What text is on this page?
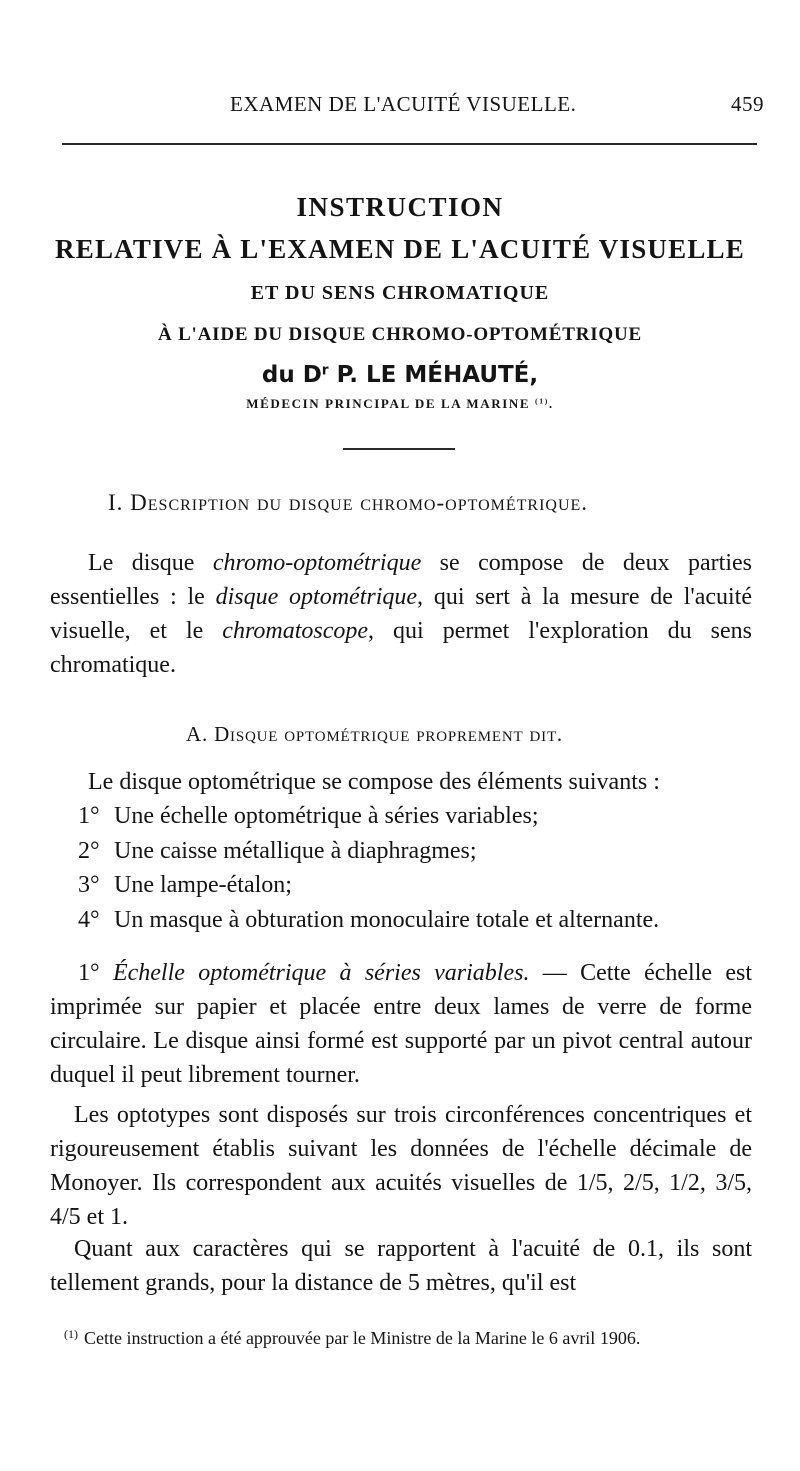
EXAMEN DE L'ACUITÉ VISUELLE.	459
INSTRUCTION
RELATIVE À L'EXAMEN DE L'ACUITÉ VISUELLE
ET DU SENS CHROMATIQUE
À L'AIDE DU DISQUE CHROMO-OPTOMÉTRIQUE
du $D^r$ P. LE MÉHAUTÉ,
MÉDECIN PRINCIPAL DE LA MARINE $^{(1)}$.
I. Description du disque chromo-optométrique.
Le disque chromo-optométrique se compose de deux parties essentielles : le disque optométrique, qui sert à la mesure de l'acuité visuelle, et le chromatoscope, qui permet l'exploration du sens chromatique.
A. Disque optométrique proprement dit.
Le disque optométrique se compose des éléments suivants :
1° Une échelle optométrique à séries variables;
2° Une caisse métallique à diaphragmes;
3° Une lampe-étalon;
4° Un masque à obturation monoculaire totale et alternante.
1° Échelle optométrique à séries variables. — Cette échelle est imprimée sur papier et placée entre deux lames de verre de forme circulaire. Le disque ainsi formé est supporté par un pivot central autour duquel il peut librement tourner.
Les optotypes sont disposés sur trois circonférences concentriques et rigoureusement établis suivant les données de l'échelle décimale de Monoyer. Ils correspondent aux acuités visuelles de 1/5, 2/5, 1/2, 3/5, 4/5 et 1.
Quant aux caractères qui se rapportent à l'acuité de 0.1, ils sont tellement grands, pour la distance de 5 mètres, qu'il est
$^{(1)}$ Cette instruction a été approuvée par le Ministre de la Marine le 6 avril 1906.
